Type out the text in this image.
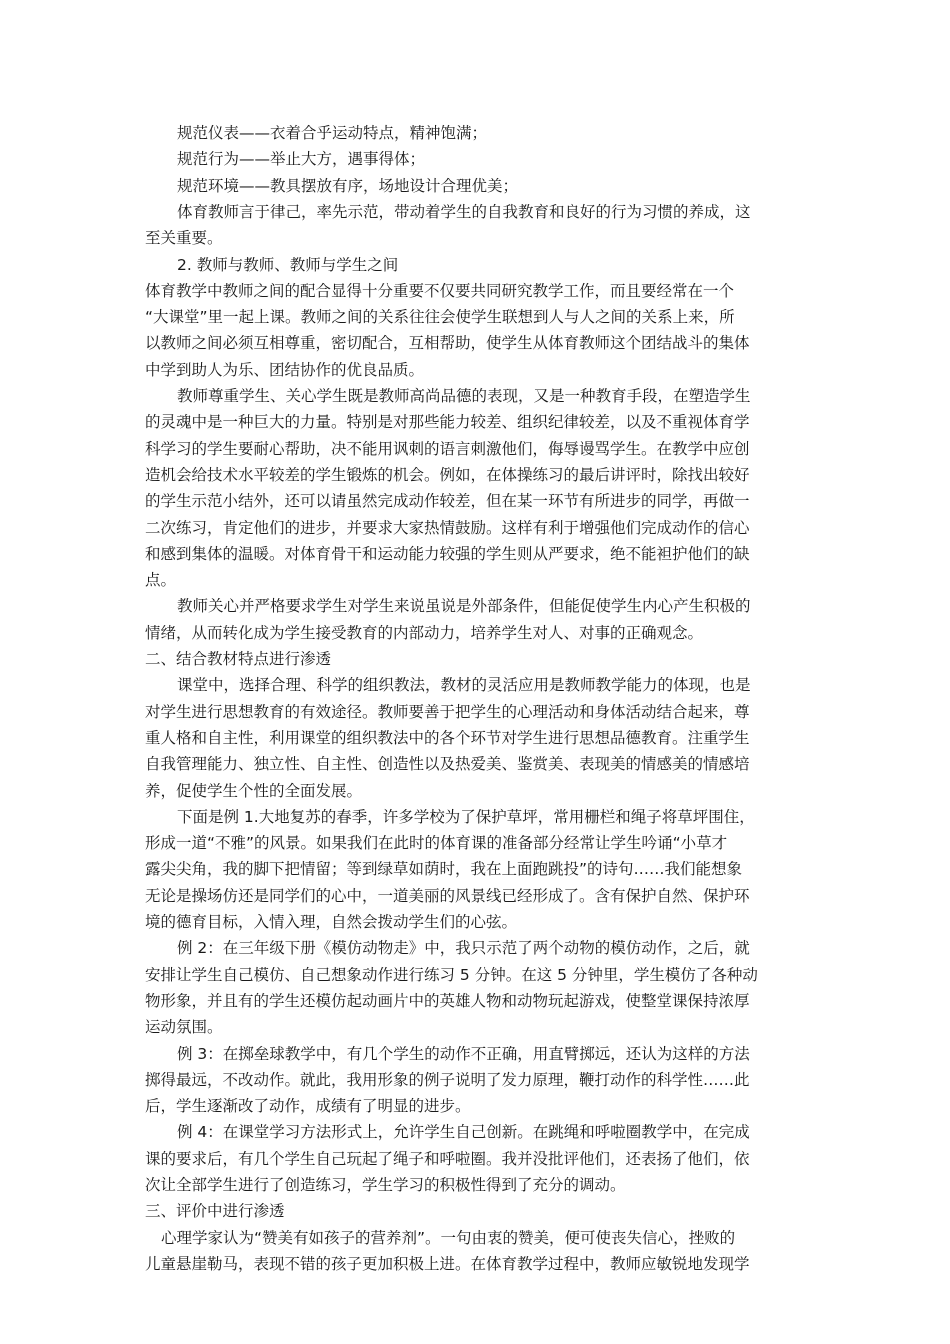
规范仪表——衣着合乎运动特点，精神饱满；
规范行为——举止大方，遇事得体；
规范环境——教具摆放有序，场地设计合理优美；
体育教师言于律己，率先示范，带动着学生的自我教育和良好的行为习惯的养成，这
至关重要。
2. 教师与教师、教师与学生之间
体育教学中教师之间的配合显得十分重要不仅要共同研究教学工作，而且要经常在一个
“大课堂”里一起上课。教师之间的关系往往会使学生联想到人与人之间的关系上来，所
以教师之间必须互相尊重，密切配合，互相帮助，使学生从体育教师这个团结战斗的集体
中学到助人为乐、团结协作的优良品质。
教师尊重学生、关心学生既是教师高尚品德的表现，又是一种教育手段，在塑造学生
的灵魂中是一种巨大的力量。特别是对那些能力较差、组织纪律较差，以及不重视体育学
科学习的学生要耐心帮助，决不能用讽刺的语言刺激他们，侮辱谩骂学生。在教学中应创
造机会给技术水平较差的学生锻炼的机会。例如，在体操练习的最后讲评时，除找出较好
的学生示范小结外，还可以请虽然完成动作较差，但在某一环节有所进步的同学，再做一
二次练习，肯定他们的进步，并要求大家热情鼓励。这样有利于增强他们完成动作的信心
和感到集体的温暖。对体育骨干和运动能力较强的学生则从严要求，绝不能袒护他们的缺
点。
教师关心并严格要求学生对学生来说虽说是外部条件，但能促使学生内心产生积极的
情绪，从而转化成为学生接受教育的内部动力，培养学生对人、对事的正确观念。
二、结合教材特点进行渗透
课堂中，选择合理、科学的组织教法，教材的灵活应用是教师教学能力的体现，也是
对学生进行思想教育的有效途径。教师要善于把学生的心理活动和身体活动结合起来，尊
重人格和自主性，利用课堂的组织教法中的各个环节对学生进行思想品德教育。注重学生
自我管理能力、独立性、自主性、创造性以及热爱美、鉴赏美、表现美的情感美的情感培
养，促使学生个性的全面发展。
下面是例 1.大地复苏的春季，许多学校为了保护草坪，常用栅栏和绳子将草坪围住，
形成一道“不雅”的风景。如果我们在此时的体育课的准备部分经常让学生吟诵“小草才
露尖尖角，我的脚下把情留；等到绿草如荫时，我在上面跑跳投”的诗句……我们能想象
无论是操场仿还是同学们的心中，一道美丽的风景线已经形成了。含有保护自然、保护环
境的德育目标，入情入理，自然会拨动学生们的心弦。
例 2：在三年级下册《模仿动物走》中，我只示范了两个动物的模仿动作，之后，就
安排让学生自己模仿、自己想象动作进行练习 5 分钟。在这 5 分钟里，学生模仿了各种动
物形象，并且有的学生还模仿起动画片中的英雄人物和动物玩起游戏，使整堂课保持浓厚
运动氛围。
例 3：在掷垒球教学中，有几个学生的动作不正确，用直臂掷远，还认为这样的方法
掷得最远，不改动作。就此，我用形象的例子说明了发力原理，鞭打动作的科学性……此
后，学生逐渐改了动作，成绩有了明显的进步。
例 4：在课堂学习方法形式上，允许学生自己创新。在跳绳和呼啦圈教学中，在完成
课的要求后，有几个学生自己玩起了绳子和呼啦圈。我并没批评他们，还表扬了他们，依
次让全部学生进行了创造练习，学生学习的积极性得到了充分的调动。
三、评价中进行渗透
心理学家认为“赞美有如孩子的营养剂”。一句由衷的赞美，便可使丧失信心，挫败的
儿童悬崖勒马，表现不错的孩子更加积极上进。在体育教学过程中，教师应敏锐地发现学
